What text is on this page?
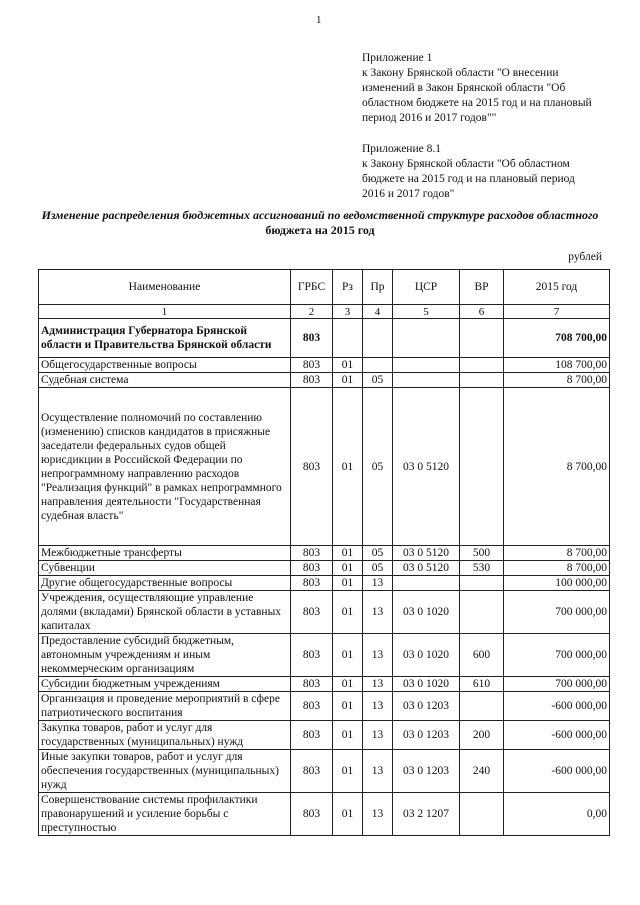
1
Приложение 1
к Закону Брянской области "О внесении
изменений в Закон Брянской области "Об
областном бюджете на 2015 год и на плановый
период 2016 и 2017 годов""
Приложение 8.1
к Закону Брянской области "Об областном
бюджете на 2015 год и на плановый период
2016 и 2017 годов"
Изменение распределения бюджетных ассигнований по ведомственной структуре расходов областного
бюджета на 2015 год
рублей
Наименование	ГРБС	Рз	Пр	ЦСР	ВР	2015 год
1	2	3	4	5	6	7
Администрация Губернатора Брянской области и Правительства Брянской области	803					708 700,00
Общегосударственные вопросы	803	01				108 700,00
Судебная система	803	01	05			8 700,00
Осуществление полномочий по составлению (изменению) списков кандидатов в присяжные заседатели федеральных судов общей юрисдикции в Российской Федерации по непрограммному направлению расходов "Реализация функций" в рамках непрограммного направления деятельности "Государственная судебная власть"	803	01	05	03 0 5120		8 700,00
Межбюджетные трансферты	803	01	05	03 0 5120	500	8 700,00
Субвенции	803	01	05	03 0 5120	530	8 700,00
Другие общегосударственные вопросы	803	01	13			100 000,00
Учреждения, осуществляющие управление долями (вкладами) Брянской области в уставных капиталах	803	01	13	03 0 1020		700 000,00
Предоставление субсидий бюджетным, автономным учреждениям и иным некоммерческим организациям	803	01	13	03 0 1020	600	700 000,00
Субсидии бюджетным учреждениям	803	01	13	03 0 1020	610	700 000,00
Организация и проведение мероприятий в сфере патриотического воспитания	803	01	13	03 0 1203		-600 000,00
Закупка товаров, работ и услуг для государственных (муниципальных) нужд	803	01	13	03 0 1203	200	-600 000,00
Иные закупки товаров, работ и услуг для обеспечения государственных (муниципальных) нужд	803	01	13	03 0 1203	240	-600 000,00
Совершенствование системы профилактики правонарушений и усиление борьбы с преступностью	803	01	13	03 2 1207		0,00
